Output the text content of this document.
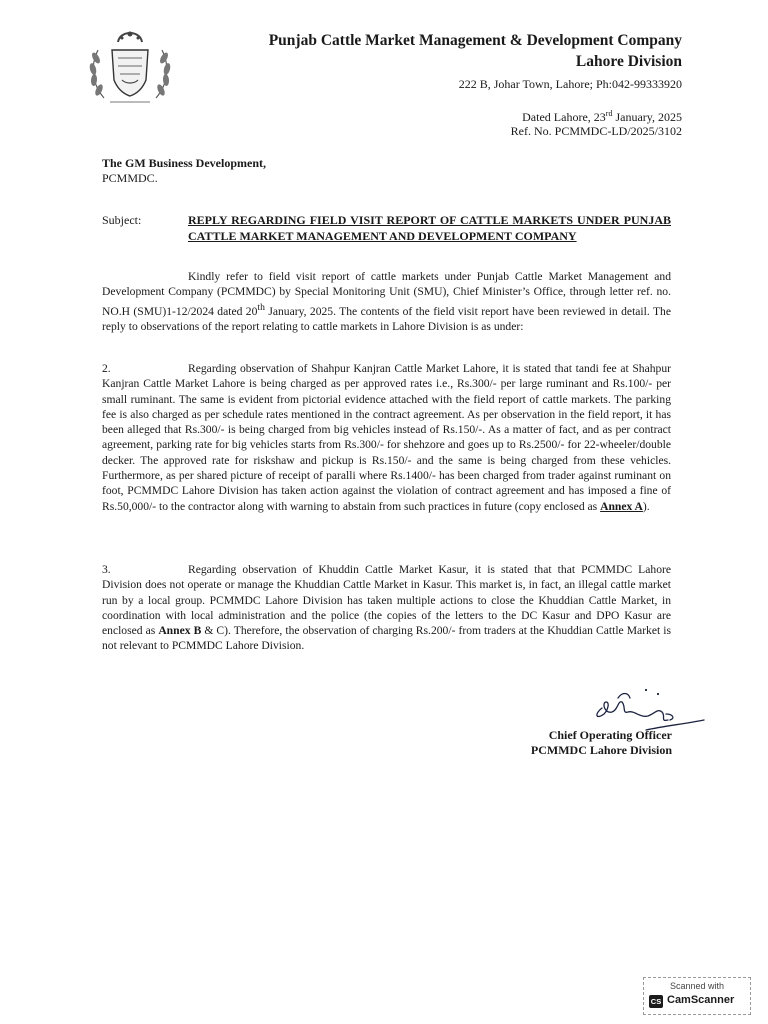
Punjab Cattle Market Management & Development Company
Lahore Division
222 B, Johar Town, Lahore; Ph:042-99333920
Dated Lahore, 23rd January, 2025
Ref. No. PCMMDC-LD/2025/3102
The GM Business Development,
PCMMDC.
Subject:	REPLY REGARDING FIELD VISIT REPORT OF CATTLE MARKETS UNDER PUNJAB CATTLE MARKET MANAGEMENT AND DEVELOPMENT COMPANY
Kindly refer to field visit report of cattle markets under Punjab Cattle Market Management and Development Company (PCMMDC) by Special Monitoring Unit (SMU), Chief Minister’s Office, through letter ref. no. NO.H (SMU)1-12/2024 dated 20th January, 2025. The contents of the field visit report have been reviewed in detail. The reply to observations of the report relating to cattle markets in Lahore Division is as under:
2.	Regarding observation of Shahpur Kanjran Cattle Market Lahore, it is stated that tandi fee at Shahpur Kanjran Cattle Market Lahore is being charged as per approved rates i.e., Rs.300/- per large ruminant and Rs.100/- per small ruminant. The same is evident from pictorial evidence attached with the field report of cattle markets. The parking fee is also charged as per schedule rates mentioned in the contract agreement. As per observation in the field report, it has been alleged that Rs.300/- is being charged from big vehicles instead of Rs.150/-. As a matter of fact, and as per contract agreement, parking rate for big vehicles starts from Rs.300/- for shehzore and goes up to Rs.2500/- for 22-wheeler/double decker. The approved rate for riskshaw and pickup is Rs.150/- and the same is being charged from these vehicles. Furthermore, as per shared picture of receipt of paralli where Rs.1400/- has been charged from trader against ruminant on foot, PCMMDC Lahore Division has taken action against the violation of contract agreement and has imposed a fine of Rs.50,000/- to the contractor along with warning to abstain from such practices in future (copy enclosed as Annex A).
3.	Regarding observation of Khuddin Cattle Market Kasur, it is stated that that PCMMDC Lahore Division does not operate or manage the Khuddian Cattle Market in Kasur. This market is, in fact, an illegal cattle market run by a local group. PCMMDC Lahore Division has taken multiple actions to close the Khuddian Cattle Market, in coordination with local administration and the police (the copies of the letters to the DC Kasur and DPO Kasur are enclosed as Annex B & C). Therefore, the observation of charging Rs.200/- from traders at the Khuddian Cattle Market is not relevant to PCMMDC Lahore Division.
Chief Operating Officer
PCMMDC Lahore Division
Scanned with
CS CamScanner
